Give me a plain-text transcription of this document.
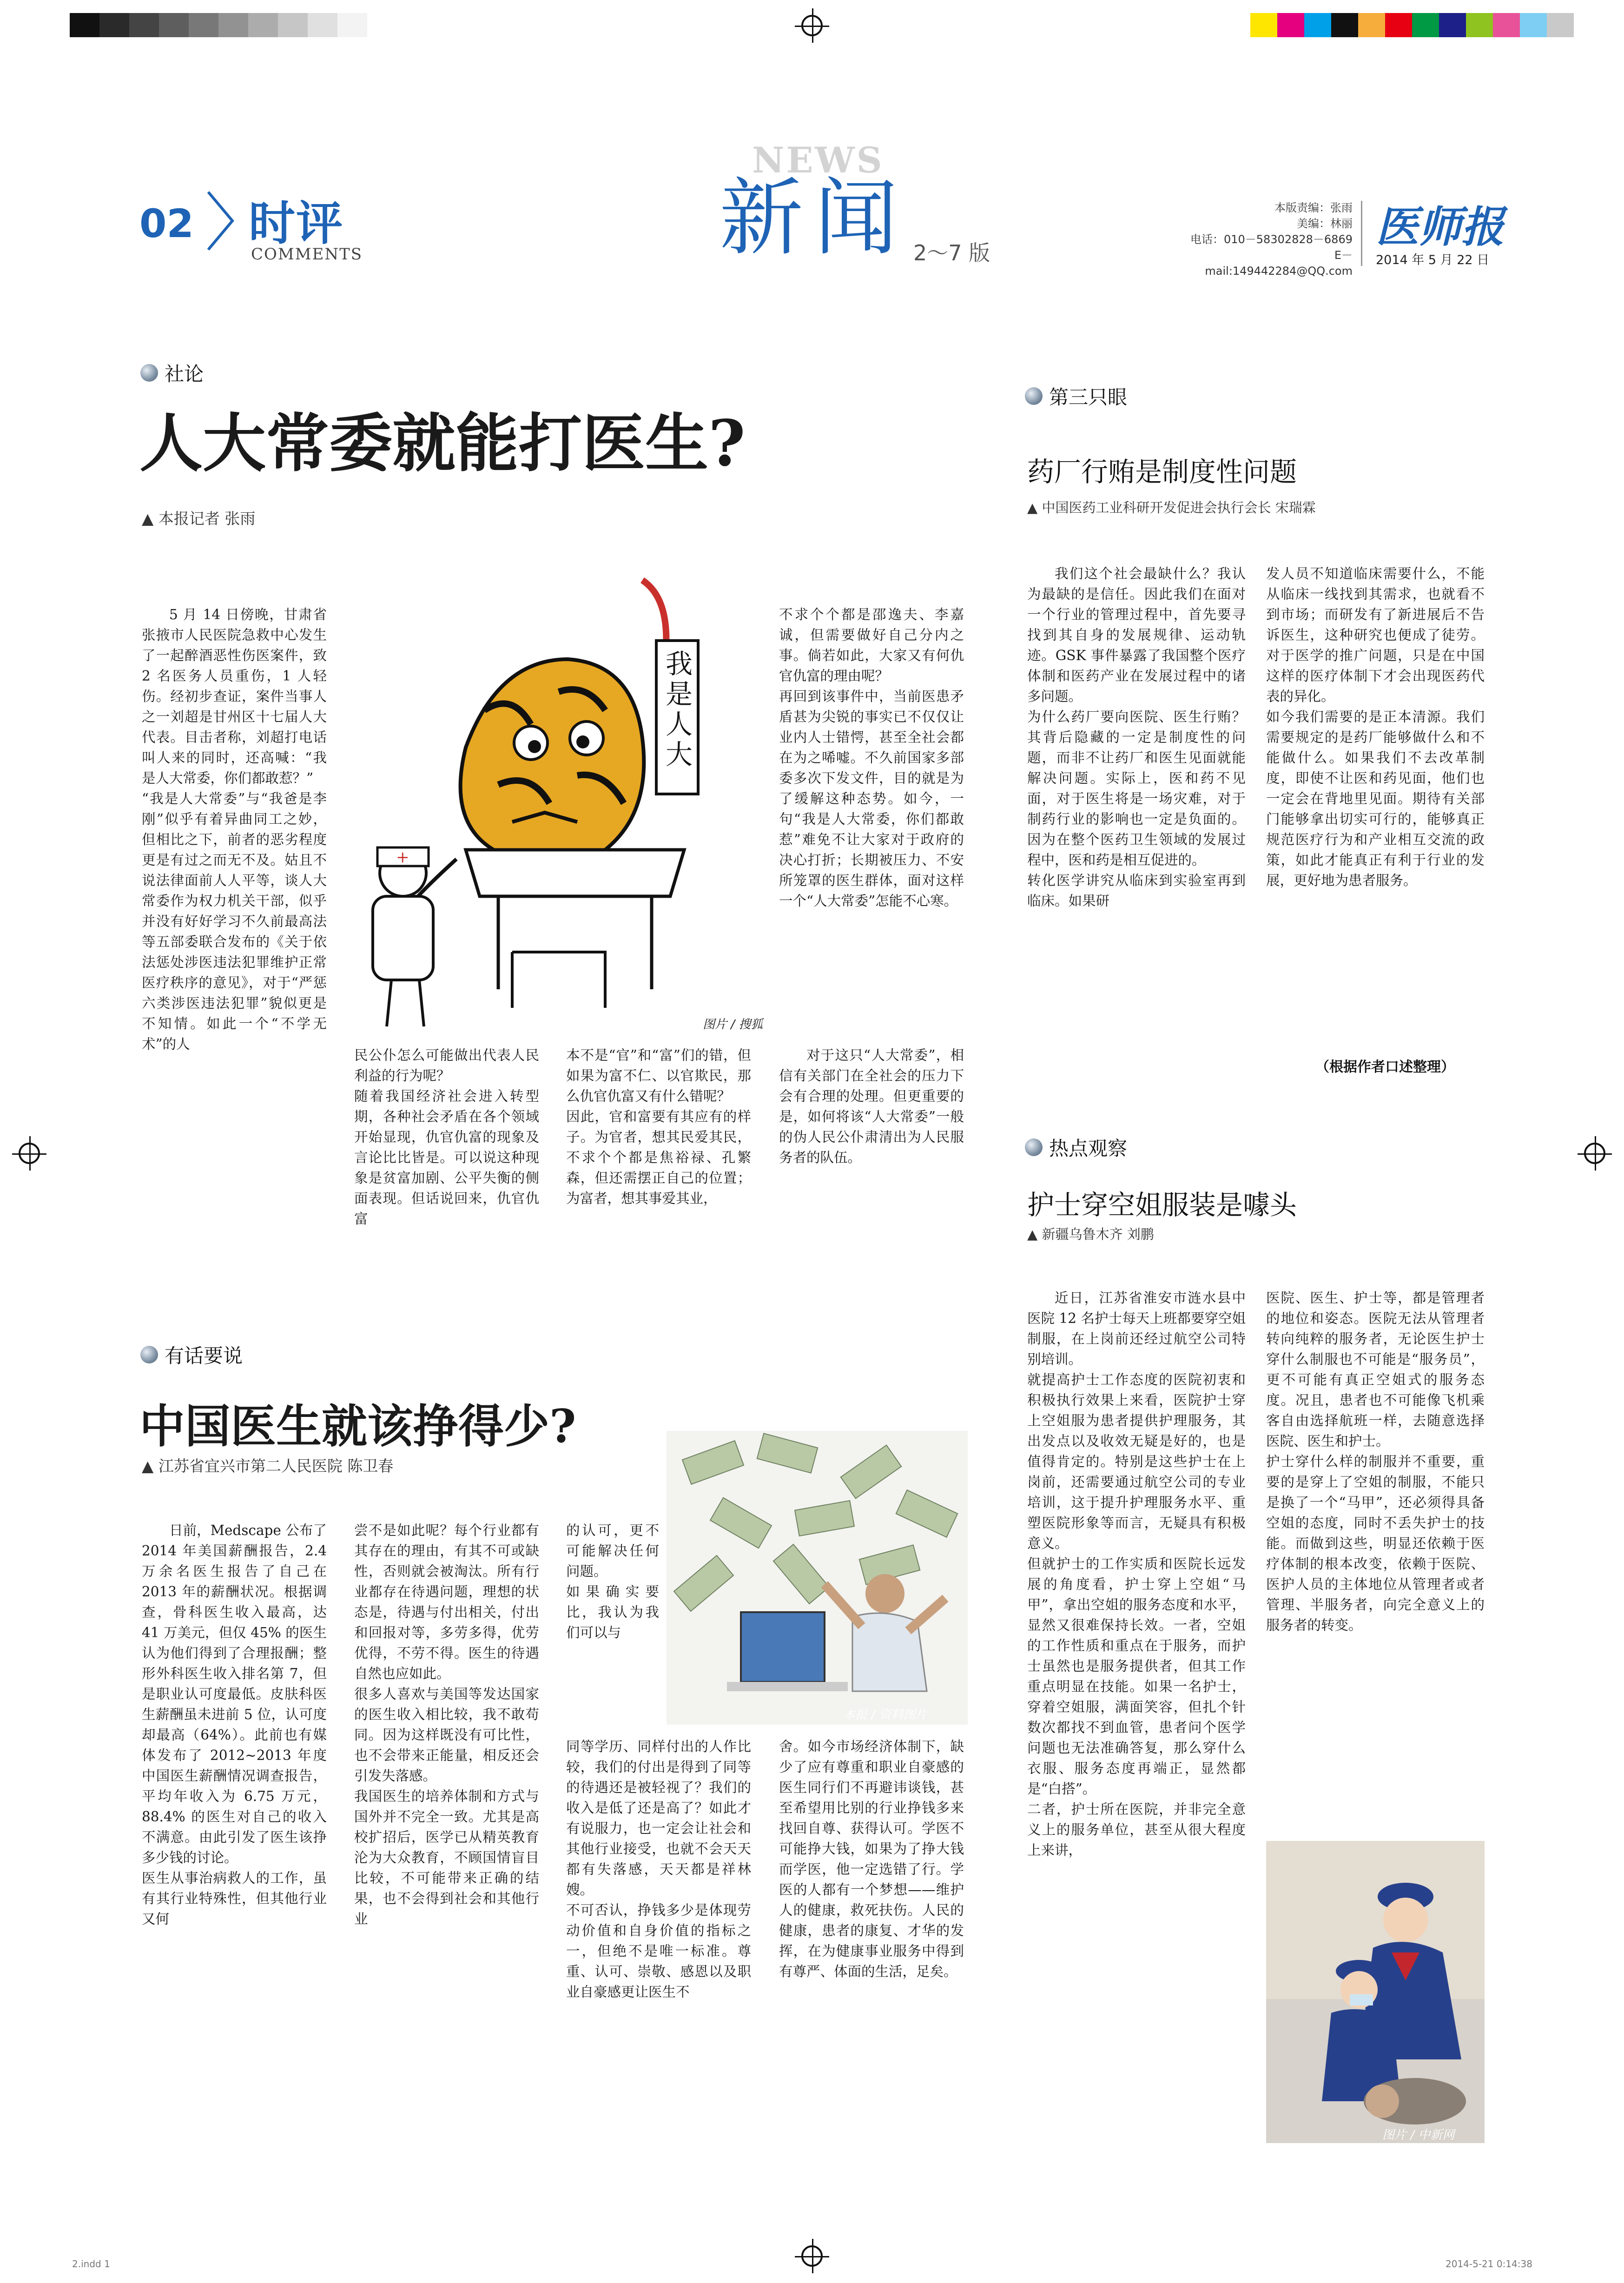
02 时评
COMMENTS
NEWS
新闻 2～7 版
本版责编：张雨
美编：林丽
电话：010－58302828－6869
E－mail:149442284@QQ.com
医师报
2014 年 5 月 22 日
社论
人大常委就能打医生?
▲ 本报记者 张雨
5 月 14 日傍晚，甘肃省张掖市人民医院急救中心发生了一起醉酒恶性伤医案件，致 2 名医务人员重伤，1 人轻伤。经初步查证，案件当事人之一刘超是甘州区十七届人大代表。目击者称，刘超打电话叫人来的同时，还高喊：“我是人大常委，你们都敢惹？”
“我是人大常委”与“我爸是李刚”似乎有着异曲同工之妙，但相比之下，前者的恶劣程度更是有过之而无不及。姑且不说法律面前人人平等，谈人大常委作为权力机关干部，似乎并没有好好学习不久前最高法等五部委联合发布的《关于依法惩处涉医违法犯罪维护正常医疗秩序的意见》，对于“严惩六类涉医违法犯罪”貌似更是不知情。如此一个“不学无术”的人
我
是
人
大
+
图片 / 搜狐
民公仆怎么可能做出代表人民利益的行为呢？
随着我国经济社会进入转型期，各种社会矛盾在各个领域开始显现，仇官仇富的现象及言论比比皆是。可以说这种现象是贫富加剧、公平失衡的侧面表现。但话说回来，仇官仇富
本不是“官”和“富”们的错，但如果为富不仁、以官欺民，那么仇官仇富又有什么错呢？
因此，官和富要有其应有的样子。为官者，想其民爱其民，不求个个都是焦裕禄、孔繁森，但还需摆正自己的位置；为富者，想其事爱其业，
不求个个都是邵逸夫、李嘉诚，但需要做好自己分内之事。倘若如此，大家又有何仇官仇富的理由呢？
再回到该事件中，当前医患矛盾甚为尖锐的事实已不仅仅让业内人士错愕，甚至全社会都在为之唏嘘。不久前国家多部委多次下发文件，目的就是为了缓解这种态势。如今，一句“我是人大常委，你们都敢惹”难免不让大家对于政府的决心打折；长期被压力、不安所笼罩的医生群体，面对这样一个“人大常委”怎能不心寒。
对于这只“人大常委”，相信有关部门在全社会的压力下会有合理的处理。但更重要的是，如何将该“人大常委”一般的伪人民公仆肃清出为人民服务者的队伍。
有话要说
中国医生就该挣得少?
▲ 江苏省宜兴市第二人民医院 陈卫春
本报 / 资料图片
日前，Medscape 公布了 2014 年美国薪酬报告，2.4 万余名医生报告了自己在 2013 年的薪酬状况。根据调查，骨科医生收入最高，达 41 万美元，但仅 45% 的医生认为他们得到了合理报酬；整形外科医生收入排名第 7，但是职业认可度最低。皮肤科医生薪酬虽未进前 5 位，认可度却最高（64%）。此前也有媒体发布了 2012~2013 年度中国医生薪酬情况调查报告，平均年收入为 6.75 万元，88.4% 的医生对自己的收入不满意。由此引发了医生该挣多少钱的讨论。
医生从事治病救人的工作，虽有其行业特殊性，但其他行业又何
尝不是如此呢？每个行业都有其存在的理由，有其不可或缺性，否则就会被淘汰。所有行业都存在待遇问题，理想的状态是，待遇与付出相关，付出和回报对等，多劳多得，优劳优得，不劳不得。医生的待遇自然也应如此。
很多人喜欢与美国等发达国家的医生收入相比较，我不敢苟同。因为这样既没有可比性，也不会带来正能量，相反还会引发失落感。
我国医生的培养体制和方式与国外并不完全一致。尤其是高校扩招后，医学已从精英教育沦为大众教育，不顾国情盲目比较，不可能带来正确的结果，也不会得到社会和其他行业
的认可，更不可能解决任何问题。
如果确实要比，我认为我们可以与
同等学历、同样付出的人作比较，我们的付出是得到了同等的待遇还是被轻视了？我们的收入是低了还是高了？如此才有说服力，也一定会让社会和其他行业接受，也就不会天天都有失落感，天天都是祥林嫂。
不可否认，挣钱多少是体现劳动价值和自身价值的指标之一，但绝不是唯一标准。尊重、认可、崇敬、感恩以及职业自豪感更让医生不
舍。如今市场经济体制下，缺少了应有尊重和职业自豪感的医生同行们不再避讳谈钱，甚至希望用比别的行业挣钱多来找回自尊、获得认可。学医不可能挣大钱，如果为了挣大钱而学医，他一定选错了行。学医的人都有一个梦想——维护人的健康，救死扶伤。人民的健康，患者的康复、才华的发挥，在为健康事业服务中得到有尊严、体面的生活，足矣。
第三只眼
药厂行贿是制度性问题
▲ 中国医药工业科研开发促进会执行会长 宋瑞霖
我们这个社会最缺什么？我认为最缺的是信任。因此我们在面对一个行业的管理过程中，首先要寻找到其自身的发展规律、运动轨迹。GSK 事件暴露了我国整个医疗体制和医药产业在发展过程中的诸多问题。
为什么药厂要向医院、医生行贿？其背后隐藏的一定是制度性的问题，而非不让药厂和医生见面就能解决问题。实际上，医和药不见面，对于医生将是一场灾难，对于制药行业的影响也一定是负面的。因为在整个医药卫生领域的发展过程中，医和药是相互促进的。
转化医学讲究从临床到实验室再到临床。如果研
发人员不知道临床需要什么，不能从临床一线找到其需求，也就看不到市场；而研发有了新进展后不告诉医生，这种研究也便成了徒劳。对于医学的推广问题，只是在中国这样的医疗体制下才会出现医药代表的异化。
如今我们需要的是正本清源。我们需要规定的是药厂能够做什么和不能做什么。如果我们不去改革制度，即使不让医和药见面，他们也一定会在背地里见面。期待有关部门能够拿出切实可行的，能够真正规范医疗行为和产业相互交流的政策，如此才能真正有利于行业的发展，更好地为患者服务。
（根据作者口述整理）
热点观察
护士穿空姐服装是噱头
▲ 新疆乌鲁木齐 刘鹏
近日，江苏省淮安市涟水县中医院 12 名护士每天上班都要穿空姐制服，在上岗前还经过航空公司特别培训。
就提高护士工作态度的医院初衷和积极执行效果上来看，医院护士穿上空姐服为患者提供护理服务，其出发点以及收效无疑是好的，也是值得肯定的。特别是这些护士在上岗前，还需要通过航空公司的专业培训，这于提升护理服务水平、重塑医院形象等而言，无疑具有积极意义。
但就护士的工作实质和医院长远发展的角度看，护士穿上空姐“马甲”，拿出空姐的服务态度和水平，显然又很难保持长效。一者，空姐的工作性质和重点在于服务，而护士虽然也是服务提供者，但其工作重点明显在技能。如果一名护士，穿着空姐服，满面笑容，但扎个针数次都找不到血管，患者问个医学问题也无法准确答复，那么穿什么衣服、服务态度再端正，显然都是“白搭”。
二者，护士所在医院，并非完全意义上的服务单位，甚至从很大程度上来讲，
医院、医生、护士等，都是管理者的地位和姿态。医院无法从管理者转向纯粹的服务者，无论医生护士穿什么制服也不可能是“服务员”，更不可能有真正空姐式的服务态度。况且，患者也不可能像飞机乘客自由选择航班一样，去随意选择医院、医生和护士。
护士穿什么样的制服并不重要，重要的是穿上了空姐的制服，不能只是换了一个“马甲”，还必须得具备空姐的态度，同时不丢失护士的技能。而做到这些，明显还依赖于医疗体制的根本改变，依赖于医院、医护人员的主体地位从管理者或者管理、半服务者，向完全意义上的服务者的转变。
图片 / 中新网
2.indd 1	2014-5-21 0:14:38
